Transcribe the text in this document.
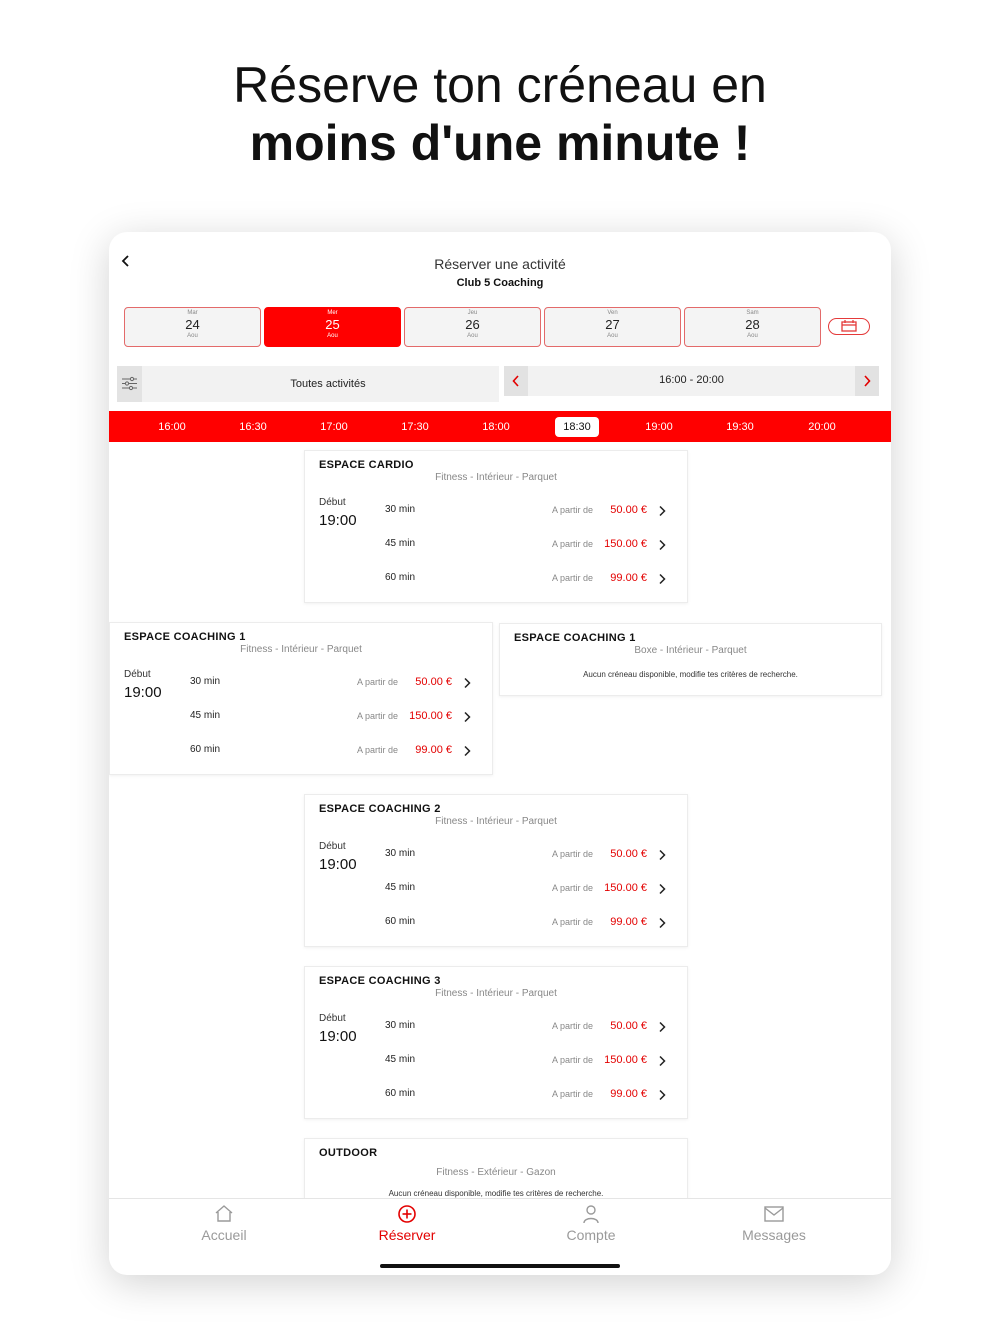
Réserve ton créneau en
moins d'une minute !
Réserver une activité
Club 5 Coaching
Mar
24
Aou
Mer
25
Aou
Jeu
26
Aou
Ven
27
Aou
Sam
28
Aou
Toutes activités	16:00 - 20:00
16:00	16:30	17:00	17:30	18:00	18:30	19:00	19:30	20:00
ESPACE CARDIO
Fitness - Intérieur - Parquet
Début
19:00
30 min	A partir de 50.00 €
45 min	A partir de 150.00 €
60 min	A partir de 99.00 €
ESPACE COACHING 1
Fitness - Intérieur - Parquet
Début
19:00
30 min	A partir de 50.00 €
45 min	A partir de 150.00 €
60 min	A partir de 99.00 €
ESPACE COACHING 1
Boxe - Intérieur - Parquet
Aucun créneau disponible, modifie tes critères de recherche.
ESPACE COACHING 2
Fitness - Intérieur - Parquet
Début
19:00
30 min	A partir de 50.00 €
45 min	A partir de 150.00 €
60 min	A partir de 99.00 €
ESPACE COACHING 3
Fitness - Intérieur - Parquet
Début
19:00
30 min	A partir de 50.00 €
45 min	A partir de 150.00 €
60 min	A partir de 99.00 €
OUTDOOR
Fitness - Extérieur - Gazon
Aucun créneau disponible, modifie tes critères de recherche.
Accueil	Réserver	Compte	Messages
